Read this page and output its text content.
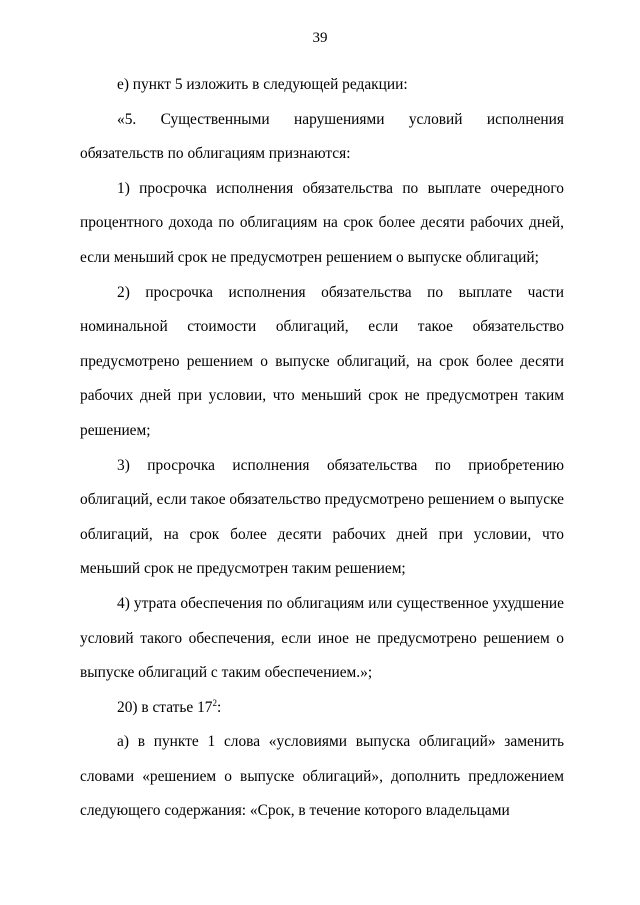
39

е) пункт 5 изложить в следующей редакции:

«5. Существенными нарушениями условий исполнения обязательств по облигациям признаются:

1) просрочка исполнения обязательства по выплате очередного процентного дохода по облигациям на срок более десяти рабочих дней, если меньший срок не предусмотрен решением о выпуске облигаций;

2) просрочка исполнения обязательства по выплате части номинальной стоимости облигаций, если такое обязательство предусмотрено решением о выпуске облигаций, на срок более десяти рабочих дней при условии, что меньший срок не предусмотрен таким решением;

3) просрочка исполнения обязательства по приобретению облигаций, если такое обязательство предусмотрено решением о выпуске облигаций, на срок более десяти рабочих дней при условии, что меньший срок не предусмотрен таким решением;

4) утрата обеспечения по облигациям или существенное ухудшение условий такого обеспечения, если иное не предусмотрено решением о выпуске облигаций с таким обеспечением.»;

20) в статье $17^2$:

а) в пункте 1 слова «условиями выпуска облигаций» заменить словами «решением о выпуске облигаций», дополнить предложением следующего содержания: «Срок, в течение которого владельцами
